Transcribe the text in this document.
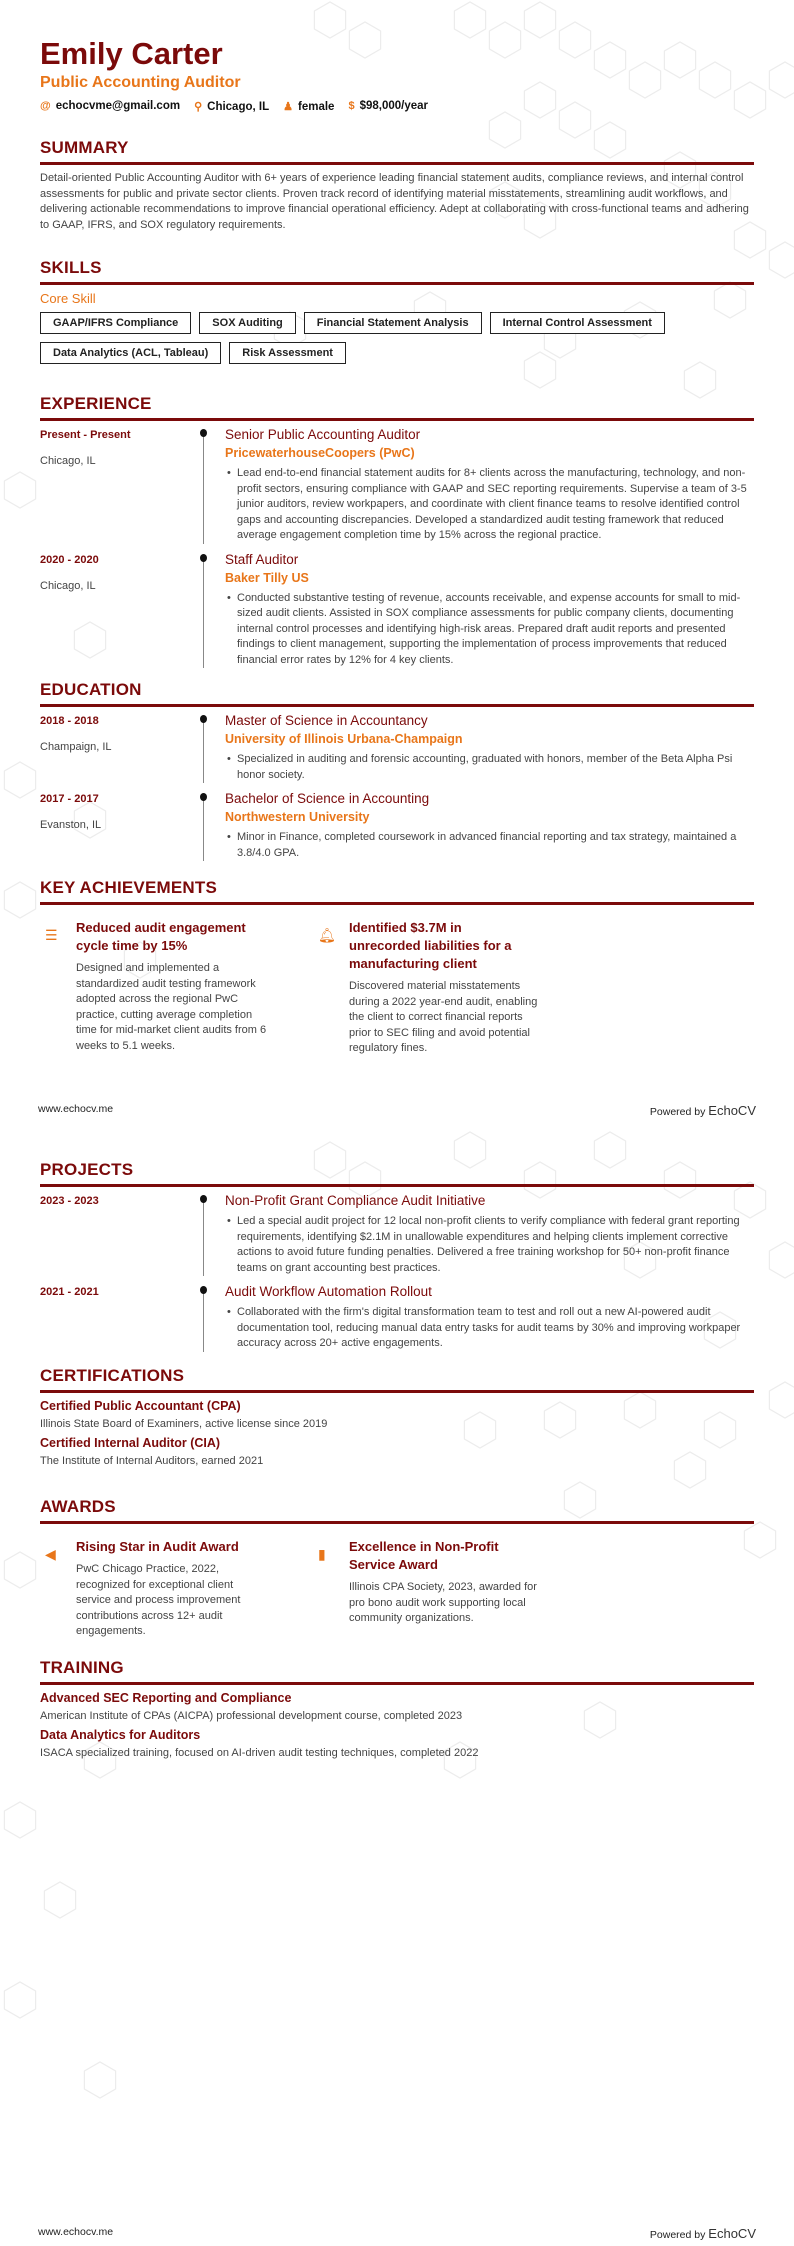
Emily Carter
Public Accounting Auditor
@ echocvme@gmail.com ⚲ Chicago, IL ♟ female $ $98,000/year
SUMMARY
Detail-oriented Public Accounting Auditor with 6+ years of experience leading financial statement audits, compliance reviews, and internal control assessments for public and private sector clients. Proven track record of identifying material misstatements, streamlining audit workflows, and delivering actionable recommendations to improve financial operational efficiency. Adept at collaborating with cross-functional teams and adhering to GAAP, IFRS, and SOX regulatory requirements.
SKILLS
Core Skill
GAAP/IFRS Compliance	SOX Auditing	Financial Statement Analysis	Internal Control Assessment
Data Analytics (ACL, Tableau)	Risk Assessment
EXPERIENCE
Present - Present
Chicago, IL
Senior Public Accounting Auditor
PricewaterhouseCoopers (PwC)
• Lead end-to-end financial statement audits for 8+ clients across the manufacturing, technology, and non-profit sectors, ensuring compliance with GAAP and SEC reporting requirements. Supervise a team of 3-5 junior auditors, review workpapers, and coordinate with client finance teams to resolve identified control gaps and accounting discrepancies. Developed a standardized audit testing framework that reduced average engagement completion time by 15% across the regional practice.
2020 - 2020
Chicago, IL
Staff Auditor
Baker Tilly US
• Conducted substantive testing of revenue, accounts receivable, and expense accounts for small to mid-sized audit clients. Assisted in SOX compliance assessments for public company clients, documenting internal control processes and identifying high-risk areas. Prepared draft audit reports and presented findings to client management, supporting the implementation of process improvements that reduced financial error rates by 12% for 4 key clients.
EDUCATION
2018 - 2018
Champaign, IL
Master of Science in Accountancy
University of Illinois Urbana-Champaign
• Specialized in auditing and forensic accounting, graduated with honors, member of the Beta Alpha Psi honor society.
2017 - 2017
Evanston, IL
Bachelor of Science in Accounting
Northwestern University
• Minor in Finance, completed coursework in advanced financial reporting and tax strategy, maintained a 3.8/4.0 GPA.
KEY ACHIEVEMENTS
☰	Reduced audit engagement cycle time by 15%
Designed and implemented a standardized audit testing framework adopted across the regional PwC practice, cutting average completion time for mid-market client audits from 6 weeks to 5.1 weeks.
🔔︎	Identified $3.7M in unrecorded liabilities for a manufacturing client
Discovered material misstatements during a 2022 year-end audit, enabling the client to correct financial reports prior to SEC filing and avoid potential regulatory fines.
www.echocv.me	Powered by EchoCV
PROJECTS
2023 - 2023	Non-Profit Grant Compliance Audit Initiative
• Led a special audit project for 12 local non-profit clients to verify compliance with federal grant reporting requirements, identifying $2.1M in unallowable expenditures and helping clients implement corrective actions to avoid future funding penalties. Delivered a free training workshop for 50+ non-profit finance teams on grant accounting best practices.
2021 - 2021	Audit Workflow Automation Rollout
• Collaborated with the firm's digital transformation team to test and roll out a new AI-powered audit documentation tool, reducing manual data entry tasks for audit teams by 30% and improving workpaper accuracy across 20+ active engagements.
CERTIFICATIONS
Certified Public Accountant (CPA)
Illinois State Board of Examiners, active license since 2019
Certified Internal Auditor (CIA)
The Institute of Internal Auditors, earned 2021
AWARDS
◀	Rising Star in Audit Award
PwC Chicago Practice, 2022, recognized for exceptional client service and process improvement contributions across 12+ audit engagements.
▮	Excellence in Non-Profit Service Award
Illinois CPA Society, 2023, awarded for pro bono audit work supporting local community organizations.
TRAINING
Advanced SEC Reporting and Compliance
American Institute of CPAs (AICPA) professional development course, completed 2023
Data Analytics for Auditors
ISACA specialized training, focused on AI-driven audit testing techniques, completed 2022
www.echocv.me	Powered by EchoCV
